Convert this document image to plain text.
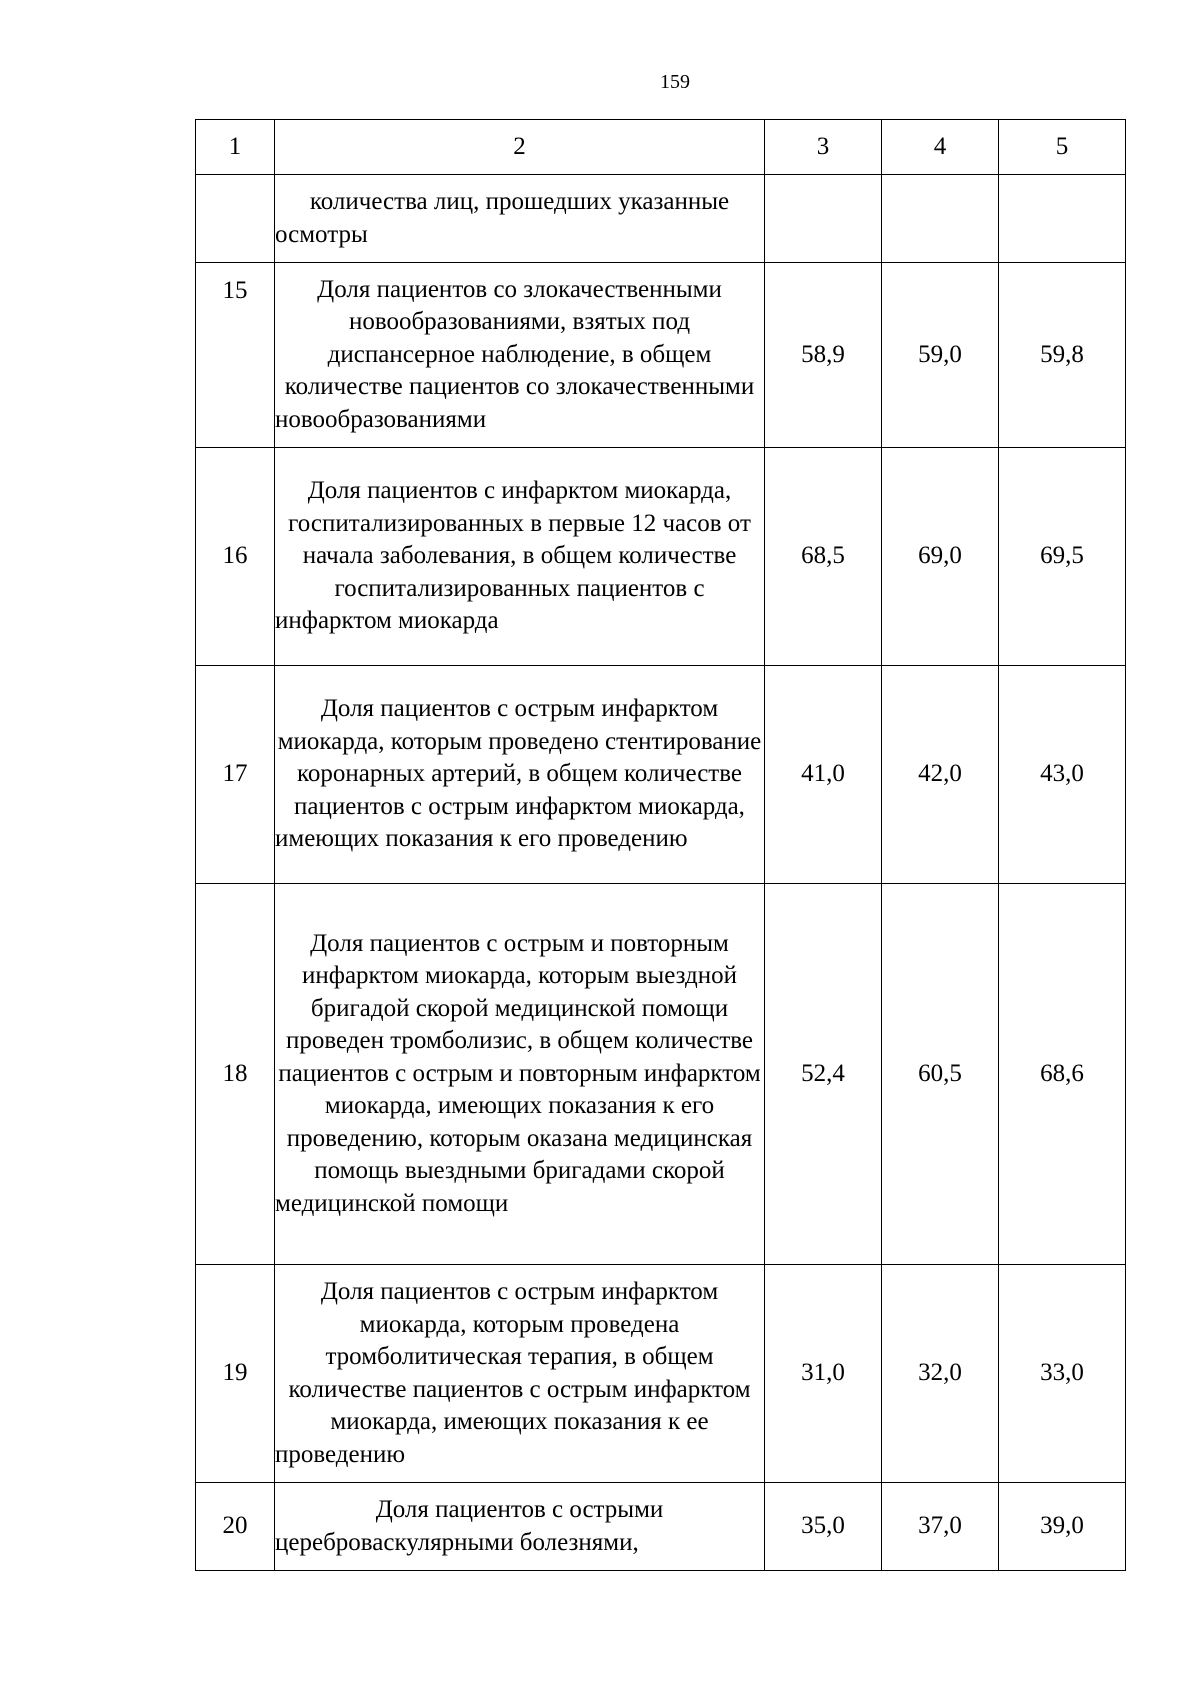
159
1	2	3	4	5
	количества лиц, прошедших указанные осмотры			
15	Доля пациентов со злокачественными новообразованиями, взятых под диспансерное наблюдение, в общем количестве пациентов со злокачественными новообразованиями	58,9	59,0	59,8
16	Доля пациентов с инфарктом миокарда, госпитализированных в первые 12 часов от начала заболевания, в общем количестве госпитализированных пациентов с инфарктом миокарда	68,5	69,0	69,5
17	Доля пациентов с острым инфарктом миокарда, которым проведено стентирование коронарных артерий, в общем количестве пациентов с острым инфарктом миокарда, имеющих показания к его проведению	41,0	42,0	43,0
18	Доля пациентов с острым и повторным инфарктом миокарда, которым выездной бригадой скорой медицинской помощи проведен тромболизис, в общем количестве пациентов с острым и повторным инфарктом миокарда, имеющих показания к его проведению, которым оказана медицинская помощь выездными бригадами скорой медицинской помощи	52,4	60,5	68,6
19	Доля пациентов с острым инфарктом миокарда, которым проведена тромболитическая терапия, в общем количестве пациентов с острым инфарктом миокарда, имеющих показания к ее проведению	31,0	32,0	33,0
20	Доля пациентов с острыми цереброваскулярными болезнями,	35,0	37,0	39,0
